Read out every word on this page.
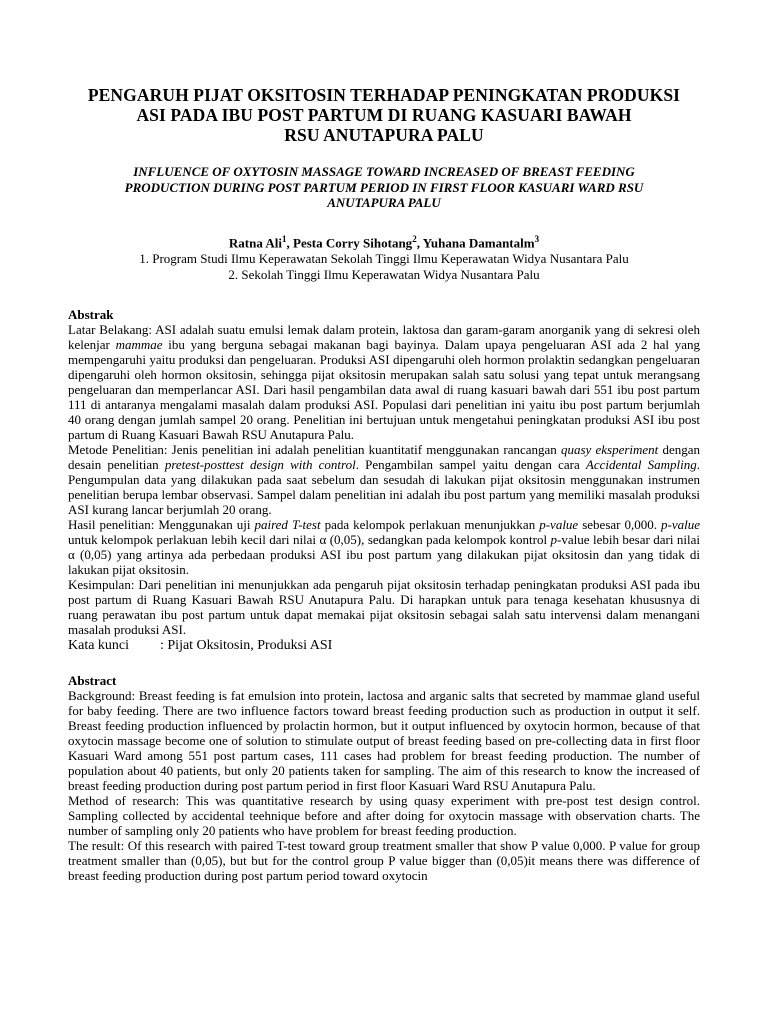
PENGARUH PIJAT OKSITOSIN TERHADAP PENINGKATAN PRODUKSI

ASI PADA IBU POST PARTUM DI RUANG KASUARI BAWAH

RSU ANUTAPURA PALU

INFLUENCE OF OXYTOSIN MASSAGE TOWARD INCREASED OF BREAST FEEDING
PRODUCTION DURING POST PARTUM PERIOD IN FIRST FLOOR KASUARI WARD RSU
ANUTAPURA PALU

Ratna Ali$^1$, Pesta Corry Sihotang$^2$, Yuhana Damantalm$^3$

1. Program Studi Ilmu Keperawatan Sekolah Tinggi Ilmu Keperawatan Widya Nusantara Palu

2. Sekolah Tinggi Ilmu Keperawatan Widya Nusantara Palu

Abstrak

Latar Belakang: ASI adalah suatu emulsi lemak dalam protein, laktosa dan garam-garam anorganik yang di sekresi oleh kelenjar mammae ibu yang berguna sebagai makanan bagi bayinya. Dalam upaya pengeluaran ASI ada 2 hal yang mempengaruhi yaitu produksi dan pengeluaran. Produksi ASI dipengaruhi oleh hormon prolaktin sedangkan pengeluaran dipengaruhi oleh hormon oksitosin, sehingga pijat oksitosin merupakan salah satu solusi yang tepat untuk merangsang pengeluaran dan memperlancar ASI. Dari hasil pengambilan data awal di ruang kasuari bawah dari 551 ibu post partum 111 di antaranya mengalami masalah dalam produksi ASI. Populasi dari penelitian ini yaitu ibu post partum berjumlah 40 orang dengan jumlah sampel 20 orang. Penelitian ini bertujuan untuk mengetahui peningkatan produksi ASI ibu post partum di Ruang Kasuari Bawah RSU Anutapura Palu.

Metode Penelitian: Jenis penelitian ini adalah penelitian kuantitatif menggunakan rancangan quasy eksperiment dengan desain penelitian pretest-posttest design with control. Pengambilan sampel yaitu dengan cara Accidental Sampling. Pengumpulan data yang dilakukan pada saat sebelum dan sesudah di lakukan pijat oksitosin menggunakan instrumen penelitian berupa lembar observasi. Sampel dalam penelitian ini adalah ibu post partum yang memiliki masalah produksi ASI kurang lancar berjumlah 20 orang.

Hasil penelitian: Menggunakan uji paired T-test pada kelompok perlakuan menunjukkan p-value sebesar 0,000. p-value untuk kelompok perlakuan lebih kecil dari nilai α (0,05), sedangkan pada kelompok kontrol p-value lebih besar dari nilai α (0,05) yang artinya ada perbedaan produksi ASI ibu post partum yang dilakukan pijat oksitosin dan yang tidak di lakukan pijat oksitosin.

Kesimpulan: Dari penelitian ini menunjukkan ada pengaruh pijat oksitosin terhadap peningkatan produksi ASI pada ibu post partum di Ruang Kasuari Bawah RSU Anutapura Palu. Di harapkan untuk para tenaga kesehatan khususnya di ruang perawatan ibu post partum untuk dapat memakai pijat oksitosin sebagai salah satu intervensi dalam menangani masalah produksi ASI.

Kata kunci : Pijat Oksitosin, Produksi ASI

Abstract

Background: Breast feeding is fat emulsion into protein, lactosa and arganic salts that secreted by mammae gland useful for baby feeding. There are two influence factors toward breast feeding production such as production in output it self. Breast feeding production influenced by prolactin hormon, but it output influenced by oxytocin hormon, because of that oxytocin massage become one of solution to stimulate output of breast feeding based on pre-collecting data in first floor Kasuari Ward among 551 post partum cases, 111 cases had problem for breast feeding production. The number of population about 40 patients, but only 20 patients taken for sampling. The aim of this research to know the increased of breast feeding production during post partum period in first floor Kasuari Ward RSU Anutapura Palu.

Method of research: This was quantitative research by using quasy experiment with pre-post test design control. Sampling collected by accidental teehnique before and after doing for oxytocin massage with observation charts. The number of sampling only 20 patients who have problem for breast feeding production.

The result: Of this research with paired T-test toward group treatment smaller that show P value 0,000. P value for group treatment smaller than (0,05), but but for the control group P value bigger than (0,05)it means there was difference of breast feeding production during post partum period toward oxytocin
